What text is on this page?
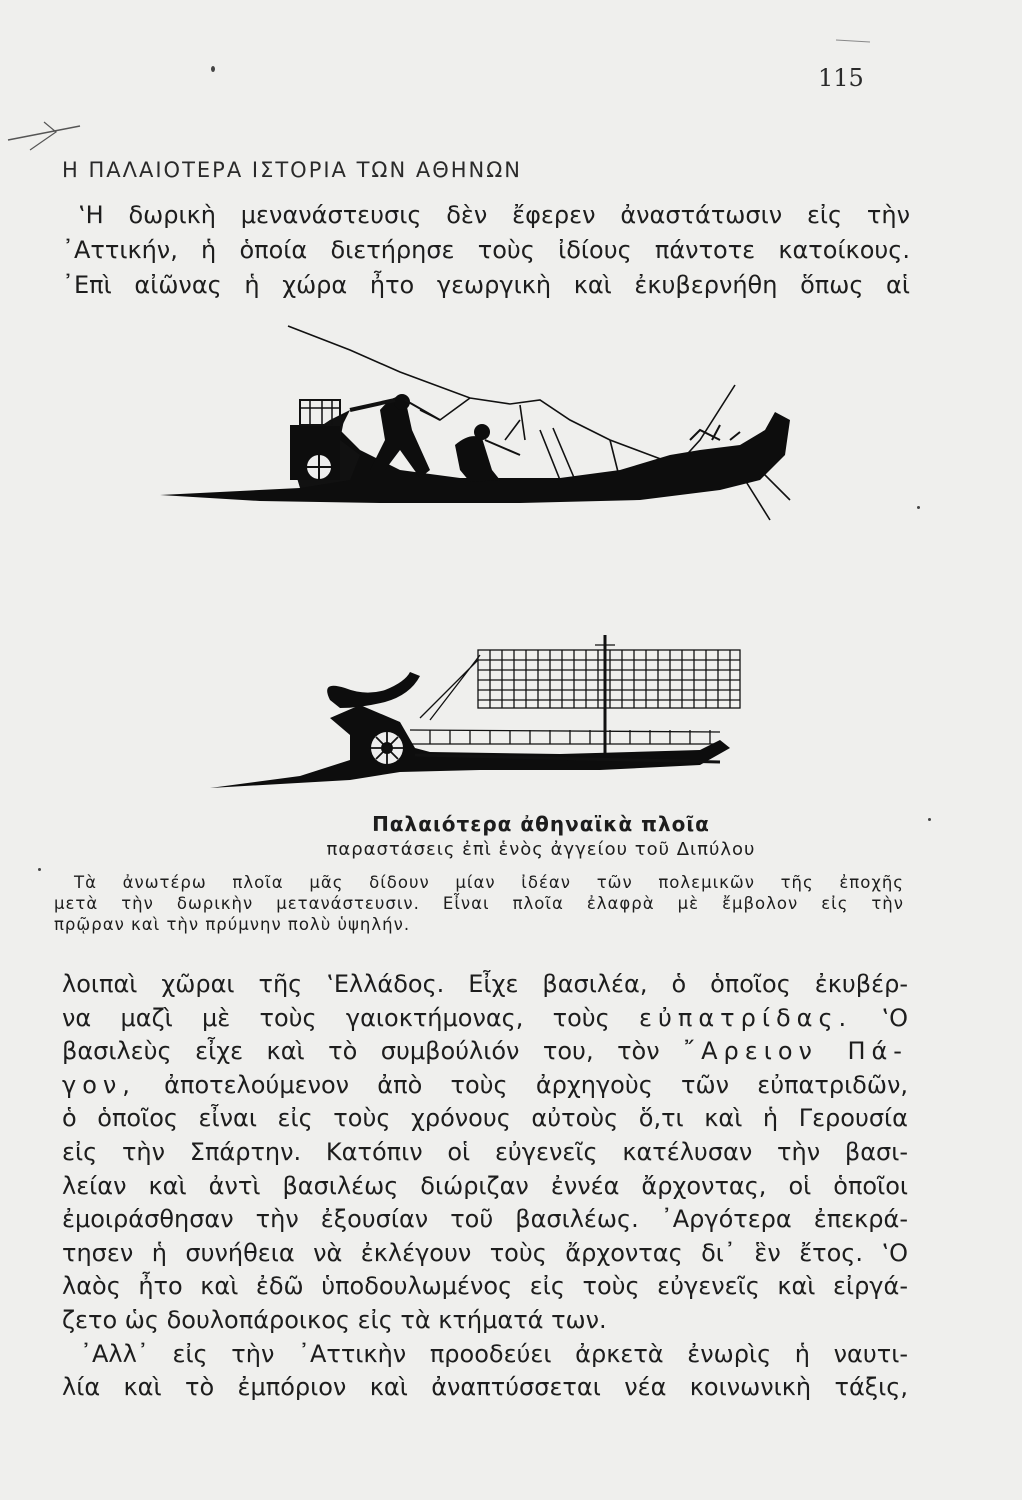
115
Η ΠΑΛΑΙΟΤΕΡΑ ΙΣΤΟΡΙΑ ΤΩΝ ΑΘΗΝΩΝ
‛Η δωρικὴ μενανάστευσις δὲν ἔφερεν ἀναστάτωσιν εἰς τὴν
᾿Αττικήν, ἡ ὁποία διετήρησε τοὺς ἰδίους πάντοτε κατοίκους.
᾿Επὶ αἰῶνας ἡ χώρα ἦτο γεωργικὴ καὶ ἐκυβερνήθη ὅπως αἱ
Παλαιότερα ἀθηναϊκὰ πλοῖα
παραστάσεις ἐπὶ ἑνὸς ἀγγείου τοῦ Διπύλου
Τὰ ἀνωτέρω πλοῖα μᾶς δίδουν μίαν ἰδέαν τῶν πολεμικῶν τῆς ἐποχῆς
μετὰ τὴν δωρικὴν μετανάστευσιν. Εἶναι πλοῖα ἐλαφρὰ μὲ ἔμβολον εἰς τὴν
πρῷραν καὶ τὴν πρύμνην πολὺ ὑψηλήν.
λοιπαὶ χῶραι τῆς ‛Ελλάδος. Εἶχε βασιλέα, ὁ ὁποῖος ἐκυβέρ-
να μαζὶ μὲ τοὺς γαιοκτήμονας, τοὺς εὐπατρίδας. ‛Ο
βασιλεὺς εἶχε καὶ τὸ συμβούλιόν του, τὸν ῎Αρειον Πά-
γον, ἀποτελούμενον ἀπὸ τοὺς ἀρχηγοὺς τῶν εὐπατριδῶν,
ὁ ὁποῖος εἶναι εἰς τοὺς χρόνους αὐτοὺς ὅ,τι καὶ ἡ Γερουσία
εἰς τὴν Σπάρτην. Κατόπιν οἱ εὐγενεῖς κατέλυσαν τὴν βασι-
λείαν καὶ ἀντὶ βασιλέως διώριζαν ἐννέα ἄρχοντας, οἱ ὁποῖοι
ἐμοιράσθησαν τὴν ἐξουσίαν τοῦ βασιλέως. ᾿Αργότερα ἐπεκρά-
τησεν ἡ συνήθεια νὰ ἐκλέγουν τοὺς ἄρχοντας δι᾿ ἓν ἔτος. ‛Ο
λαὸς ἦτο καὶ ἐδῶ ὑποδουλωμένος εἰς τοὺς εὐγενεῖς καὶ εἰργά-
ζετο ὡς δουλοπάροικος εἰς τὰ κτήματά των.
᾿Αλλ᾿ εἰς τὴν ᾿Αττικὴν προοδεύει ἀρκετὰ ἐνωρὶς ἡ ναυτι-
λία καὶ τὸ ἐμπόριον καὶ ἀναπτύσσεται νέα κοινωνικὴ τάξις,
